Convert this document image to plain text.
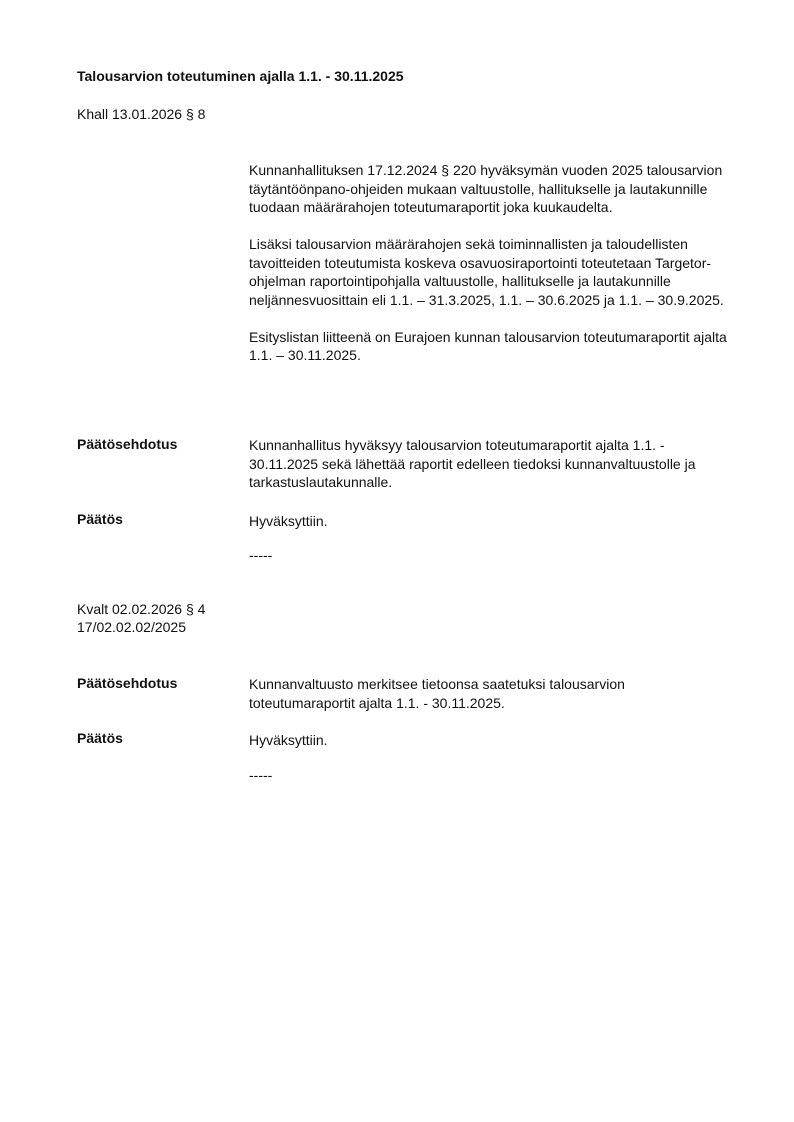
Talousarvion toteutuminen ajalla 1.1. - 30.11.2025
Khall 13.01.2026 § 8

Kunnanhallituksen 17.12.2024 § 220 hyväksymän vuoden 2025 talousarvion täytäntöönpano-ohjeiden mukaan valtuustolle, hallitukselle ja lautakunnille tuodaan määrärahojen toteutumaraportit joka kuukaudelta.

Lisäksi talousarvion määrärahojen sekä toiminnallisten ja taloudellisten tavoitteiden toteutumista koskeva osavuosiraportointi toteutetaan Targetor-ohjelman raportointipohjalla valtuustolle, hallitukselle ja lautakunnille neljännesvuosittain eli 1.1. – 31.3.2025, 1.1. – 30.6.2025 ja 1.1. – 30.9.2025.

Esityslistan liitteenä on Eurajoen kunnan talousarvion toteutumaraportit ajalta 1.1. – 30.11.2025.

Päätösehdotus	Kunnanhallitus hyväksyy talousarvion toteutumaraportit ajalta 1.1. - 30.11.2025 sekä lähettää raportit edelleen tiedoksi kunnanvaltuustolle ja tarkastuslautakunnalle.
Päätös	Hyväksyttiin.
-----
Kvalt 02.02.2026 § 4
17/02.02.02/2025
Päätösehdotus	Kunnanvaltuusto merkitsee tietoonsa saatetuksi talousarvion toteutumaraportit ajalta 1.1. - 30.11.2025.
Päätös	Hyväksyttiin.
-----
